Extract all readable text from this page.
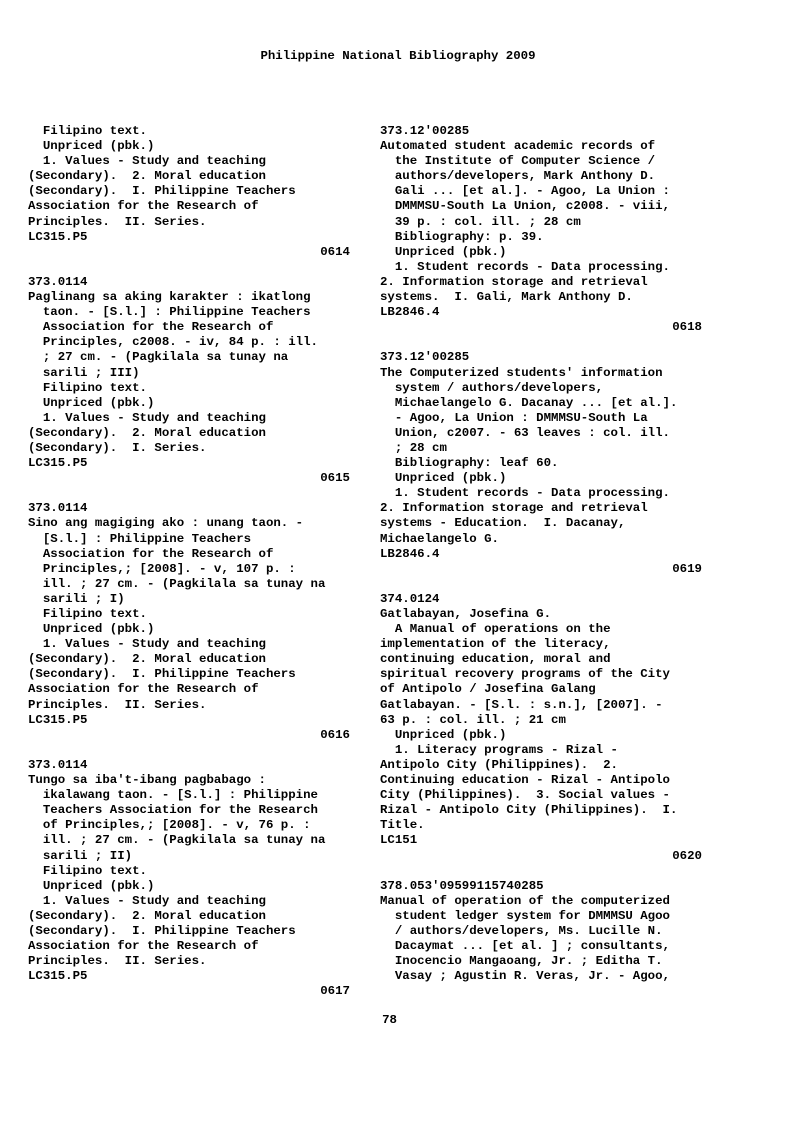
Philippine National Bibliography 2009
Filipino text.
Unpriced (pbk.)
1. Values - Study and teaching
(Secondary).  2. Moral education
(Secondary).  I. Philippine Teachers
Association for the Research of
Principles.  II. Series.
LC315.P5
0614
373.0114
Paglinang sa aking karakter : ikatlong
taon. - [S.l.] : Philippine Teachers
Association for the Research of
Principles, c2008. - iv, 84 p. : ill.
; 27 cm. - (Pagkilala sa tunay na
sarili ; III)
Filipino text.
Unpriced (pbk.)
1. Values - Study and teaching
(Secondary).  2. Moral education
(Secondary).  I. Series.
LC315.P5
0615
373.0114
Sino ang magiging ako : unang taon. -
[S.l.] : Philippine Teachers
Association for the Research of
Principles,; [2008]. - v, 107 p. :
ill. ; 27 cm. - (Pagkilala sa tunay na
sarili ; I)
Filipino text.
Unpriced (pbk.)
1. Values - Study and teaching
(Secondary).  2. Moral education
(Secondary).  I. Philippine Teachers
Association for the Research of
Principles.  II. Series.
LC315.P5
0616
373.0114
Tungo sa iba't-ibang pagbabago :
ikalawang taon. - [S.l.] : Philippine
Teachers Association for the Research
of Principles,; [2008]. - v, 76 p. :
ill. ; 27 cm. - (Pagkilala sa tunay na
sarili ; II)
Filipino text.
Unpriced (pbk.)
1. Values - Study and teaching
(Secondary).  2. Moral education
(Secondary).  I. Philippine Teachers
Association for the Research of
Principles.  II. Series.
LC315.P5
0617
373.12'00285
Automated student academic records of
the Institute of Computer Science /
authors/developers, Mark Anthony D.
Gali ... [et al.]. - Agoo, La Union :
DMMMSU-South La Union, c2008. - viii,
39 p. : col. ill. ; 28 cm
Bibliography: p. 39.
Unpriced (pbk.)
1. Student records - Data processing.
2. Information storage and retrieval
systems.  I. Gali, Mark Anthony D.
LB2846.4
0618
373.12'00285
The Computerized students' information
system / authors/developers,
Michaelangelo G. Dacanay ... [et al.].
- Agoo, La Union : DMMMSU-South La
Union, c2007. - 63 leaves : col. ill.
; 28 cm
Bibliography: leaf 60.
Unpriced (pbk.)
1. Student records - Data processing.
2. Information storage and retrieval
systems - Education.  I. Dacanay,
Michaelangelo G.
LB2846.4
0619
374.0124
Gatlabayan, Josefina G.
A Manual of operations on the
implementation of the literacy,
continuing education, moral and
spiritual recovery programs of the City
of Antipolo / Josefina Galang
Gatlabayan. - [S.l. : s.n.], [2007]. -
63 p. : col. ill. ; 21 cm
Unpriced (pbk.)
1. Literacy programs - Rizal -
Antipolo City (Philippines).  2.
Continuing education - Rizal - Antipolo
City (Philippines).  3. Social values -
Rizal - Antipolo City (Philippines).  I.
Title.
LC151
0620
378.053'09599115740285
Manual of operation of the computerized
student ledger system for DMMMSU Agoo
/ authors/developers, Ms. Lucille N.
Dacaymat ... [et al. ] ; consultants,
Inocencio Mangaoang, Jr. ; Editha T.
Vasay ; Agustin R. Veras, Jr. - Agoo,
78
